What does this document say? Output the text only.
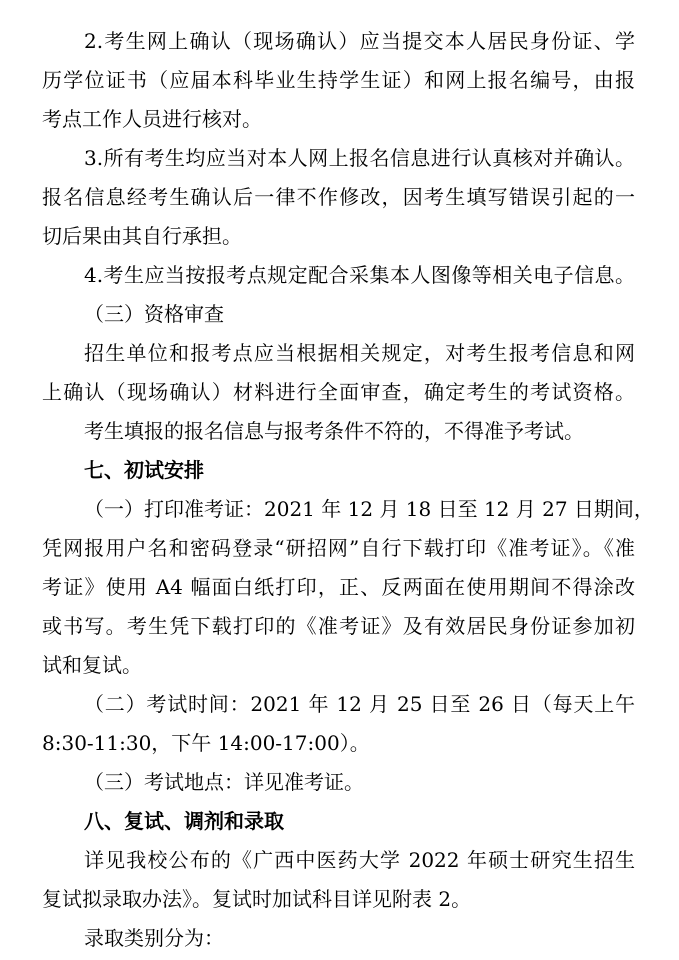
2.考生网上确认（现场确认）应当提交本人居民身份证、学
历学位证书（应届本科毕业生持学生证）和网上报名编号，由报
考点工作人员进行核对。
3.所有考生均应当对本人网上报名信息进行认真核对并确认。
报名信息经考生确认后一律不作修改，因考生填写错误引起的一
切后果由其自行承担。
4.考生应当按报考点规定配合采集本人图像等相关电子信息。
（三）资格审查
招生单位和报考点应当根据相关规定，对考生报考信息和网
上确认（现场确认）材料进行全面审查，确定考生的考试资格。
考生填报的报名信息与报考条件不符的，不得准予考试。
七、初试安排
（一）打印准考证：2021 年 12 月 18 日至 12 月 27 日期间，
凭网报用户名和密码登录“研招网”自行下载打印《准考证》。《准
考证》使用 A4 幅面白纸打印，正、反两面在使用期间不得涂改
或书写。考生凭下载打印的《准考证》及有效居民身份证参加初
试和复试。
（二）考试时间：2021 年 12 月 25 日至 26 日（每天上午
8:30-11:30，下午 14:00-17:00）。
（三）考试地点：详见准考证。
八、复试、调剂和录取
详见我校公布的《广西中医药大学 2022 年硕士研究生招生
复试拟录取办法》。复试时加试科目详见附表 2。
录取类别分为：
